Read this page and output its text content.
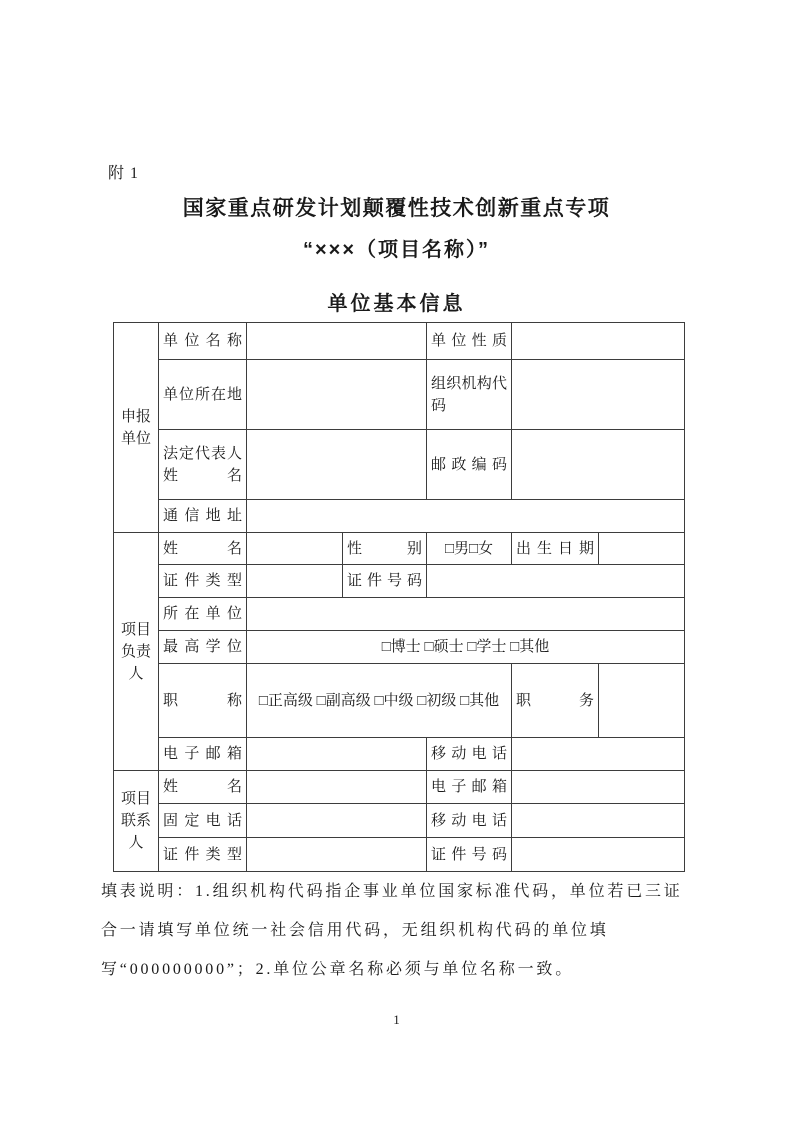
附 1
国家重点研发计划颠覆性技术创新重点专项
“×××（项目名称）”
单位基本信息
申报单位	单位名称			单位性质		
	单位所在地			组织机构代码		
	法定代表人姓名			邮政编码		
	通信地址					
项目负责人	姓　　名		性　　别	□男□女	出生日期	
	证件类型		证件号码			
	所在单位					
	最高学位	□博士 □硕士 □学士 □其他				
	职　　称	□正高级 □副高级 □中级 □初级 □其他			职　　务	
	电子邮箱			移动电话		
项目联系人	姓　　名			电子邮箱		
	固定电话			移动电话		
	证件类型			证件号码		
填表说明：1.组织机构代码指企事业单位国家标准代码，单位若已三证合一请填写单位统一社会信用代码，无组织机构代码的单位填写“000000000”；2.单位公章名称必须与单位名称一致。
1
